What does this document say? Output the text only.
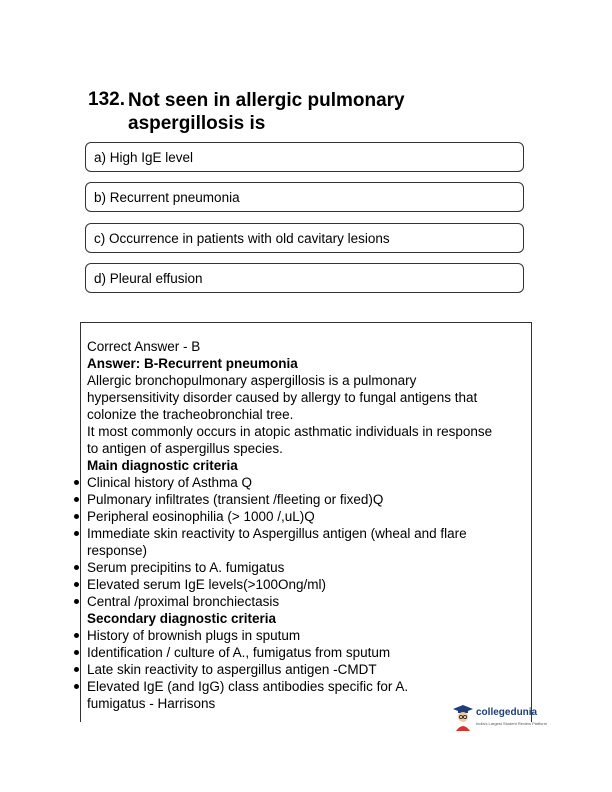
132. Not seen in allergic pulmonary aspergillosis is
a) High IgE level
b) Recurrent pneumonia
c) Occurrence in patients with old cavitary lesions
d) Pleural effusion
Correct Answer - B
Answer: B-Recurrent pneumonia
Allergic bronchopulmonary aspergillosis is a pulmonary
hypersensitivity disorder caused by allergy to fungal antigens that
colonize the tracheobronchial tree.
It most commonly occurs in atopic asthmatic individuals in response
to antigen of aspergillus species.
Main diagnostic criteria
Clinical history of Asthma Q
Pulmonary infiltrates (transient /fleeting or fixed)Q
Peripheral eosinophilia (> 1000 /,uL)Q
Immediate skin reactivity to Aspergillus antigen (wheal and flare
response)
Serum precipitins to A. fumigatus
Elevated serum IgE levels(>100Ong/ml)
Central /proximal bronchiectasis
Secondary diagnostic criteria
History of brownish plugs in sputum
Identification / culture of A., fumigatus from sputum
Late skin reactivity to aspergillus antigen -CMDT
Elevated IgE (and IgG) class antibodies specific for A.
fumigatus - Harrisons
collegedunia
India's Largest Student Review Platform
